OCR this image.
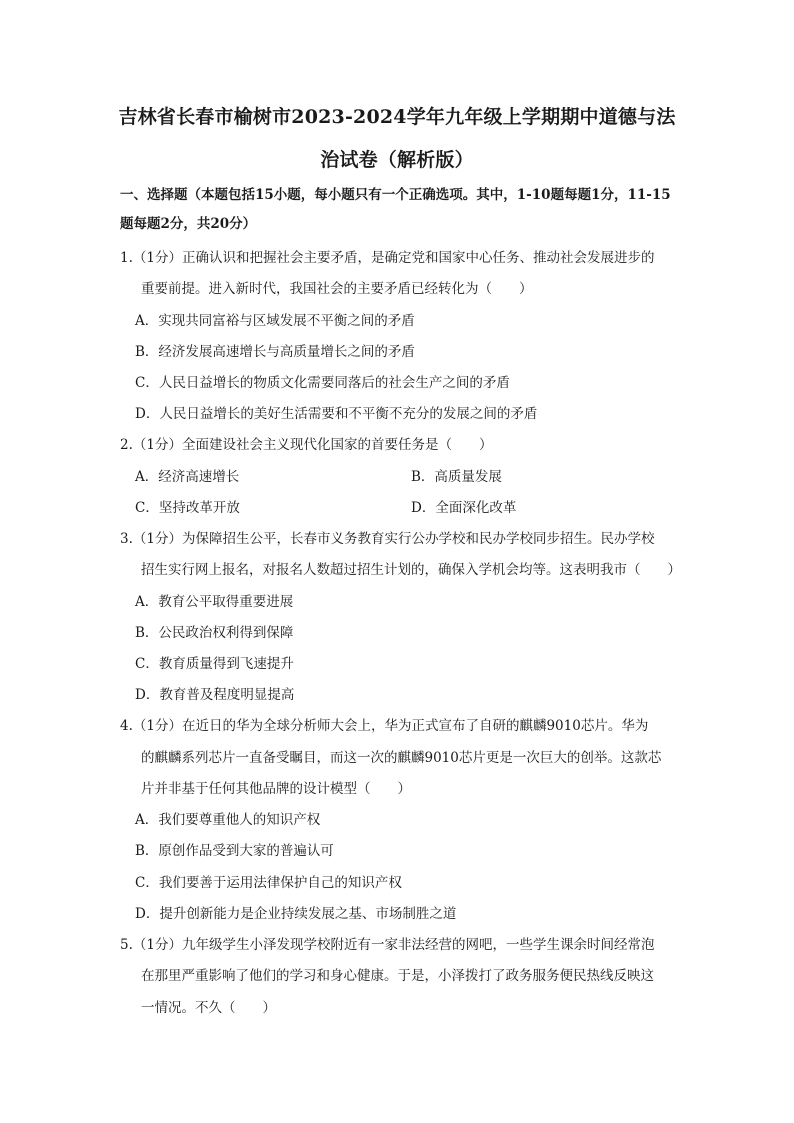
吉林省长春市榆树市2023-2024学年九年级上学期期中道德与法
治试卷（解析版）
一、选择题（本题包括15小题，每小题只有一个正确选项。其中，1-10题每题1分，11-15题每题2分，共20分）
1.（1分）正确认识和把握社会主要矛盾，是确定党和国家中心任务、推动社会发展进步的
重要前提。进入新时代，我国社会的主要矛盾已经转化为（　　）
A．实现共同富裕与区域发展不平衡之间的矛盾
B．经济发展高速增长与高质量增长之间的矛盾
C．人民日益增长的物质文化需要同落后的社会生产之间的矛盾
D．人民日益增长的美好生活需要和不平衡不充分的发展之间的矛盾
2.（1分）全面建设社会主义现代化国家的首要任务是（　　）
A．经济高速增长	B．高质量发展
C．坚持改革开放	D．全面深化改革
3.（1分）为保障招生公平，长春市义务教育实行公办学校和民办学校同步招生。民办学校
招生实行网上报名，对报名人数超过招生计划的，确保入学机会均等。这表明我市（　　）
A．教育公平取得重要进展
B．公民政治权利得到保障
C．教育质量得到飞速提升
D．教育普及程度明显提高
4.（1分）在近日的华为全球分析师大会上，华为正式宣布了自研的麒麟9010芯片。华为
的麒麟系列芯片一直备受瞩目，而这一次的麒麟9010芯片更是一次巨大的创举。这款芯
片并非基于任何其他品牌的设计模型（　　）
A．我们要尊重他人的知识产权
B．原创作品受到大家的普遍认可
C．我们要善于运用法律保护自己的知识产权
D．提升创新能力是企业持续发展之基、市场制胜之道
5.（1分）九年级学生小泽发现学校附近有一家非法经营的网吧，一些学生课余时间经常泡
在那里严重影响了他们的学习和身心健康。于是，小泽拨打了政务服务便民热线反映这
一情况。不久（　　）
